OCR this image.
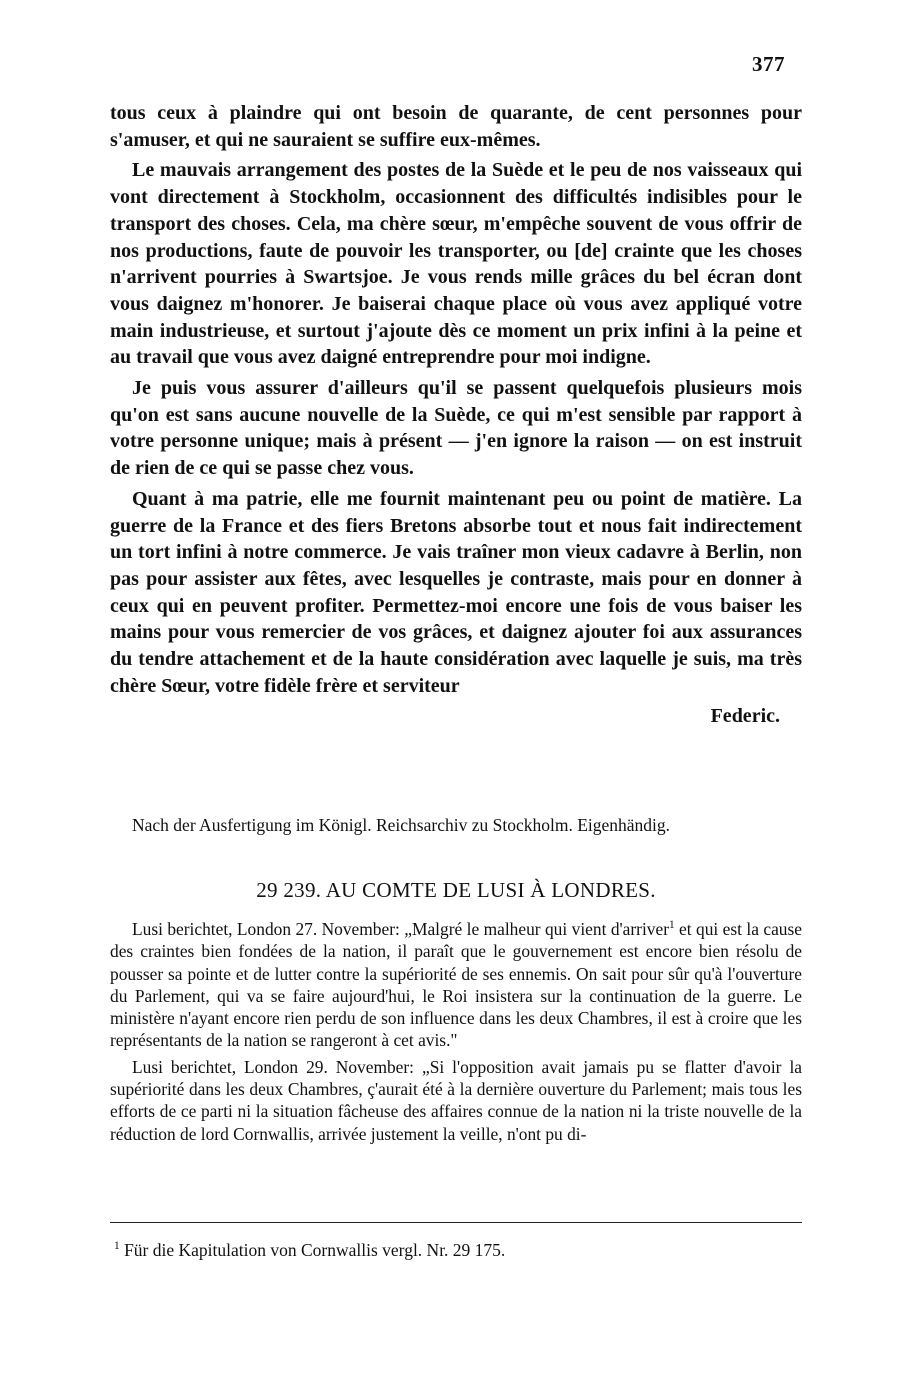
377

tous ceux à plaindre qui ont besoin de quarante, de cent personnes pour s'amuser, et qui ne sauraient se suffire eux-mêmes.

Le mauvais arrangement des postes de la Suède et le peu de nos vaisseaux qui vont directement à Stockholm, occasionnent des difficultés indisibles pour le transport des choses. Cela, ma chère sœur, m'empêche souvent de vous offrir de nos productions, faute de pouvoir les transporter, ou [de] crainte que les choses n'arrivent pourries à Swartsjoe. Je vous rends mille grâces du bel écran dont vous daignez m'honorer. Je baiserai chaque place où vous avez appliqué votre main industrieuse, et surtout j'ajoute dès ce moment un prix infini à la peine et au travail que vous avez daigné entreprendre pour moi indigne.

Je puis vous assurer d'ailleurs qu'il se passent quelquefois plusieurs mois qu'on est sans aucune nouvelle de la Suède, ce qui m'est sensible par rapport à votre personne unique; mais à présent — j'en ignore la raison — on est instruit de rien de ce qui se passe chez vous.

Quant à ma patrie, elle me fournit maintenant peu ou point de matière. La guerre de la France et des fiers Bretons absorbe tout et nous fait indirectement un tort infini à notre commerce. Je vais traîner mon vieux cadavre à Berlin, non pas pour assister aux fêtes, avec lesquelles je contraste, mais pour en donner à ceux qui en peuvent profiter. Permettez-moi encore une fois de vous baiser les mains pour vous remercier de vos grâces, et daignez ajouter foi aux assurances du tendre attachement et de la haute considération avec laquelle je suis, ma très chère Sœur, votre fidèle frère et serviteur

Federic.

Nach der Ausfertigung im Königl. Reichsarchiv zu Stockholm. Eigenhändig.
29 239. AU COMTE DE LUSI À LONDRES.

Lusi berichtet, London 27. November: „Malgré le malheur qui vient d'arriver$^1$ et qui est la cause des craintes bien fondées de la nation, il paraît que le gouvernement est encore bien résolu de pousser sa pointe et de lutter contre la supériorité de ses ennemis. On sait pour sûr qu'à l'ouverture du Parlement, qui va se faire aujourd'hui, le Roi insistera sur la continuation de la guerre. Le ministère n'ayant encore rien perdu de son influence dans les deux Chambres, il est à croire que les représentants de la nation se rangeront à cet avis."

Lusi berichtet, London 29. November: „Si l'opposition avait jamais pu se flatter d'avoir la supériorité dans les deux Chambres, ç'aurait été à la dernière ouverture du Parlement; mais tous les efforts de ce parti ni la situation fâcheuse des affaires connue de la nation ni la triste nouvelle de la réduction de lord Cornwallis, arrivée justement la veille, n'ont pu di-

$^1$ Für die Kapitulation von Cornwallis vergl. Nr. 29 175.
